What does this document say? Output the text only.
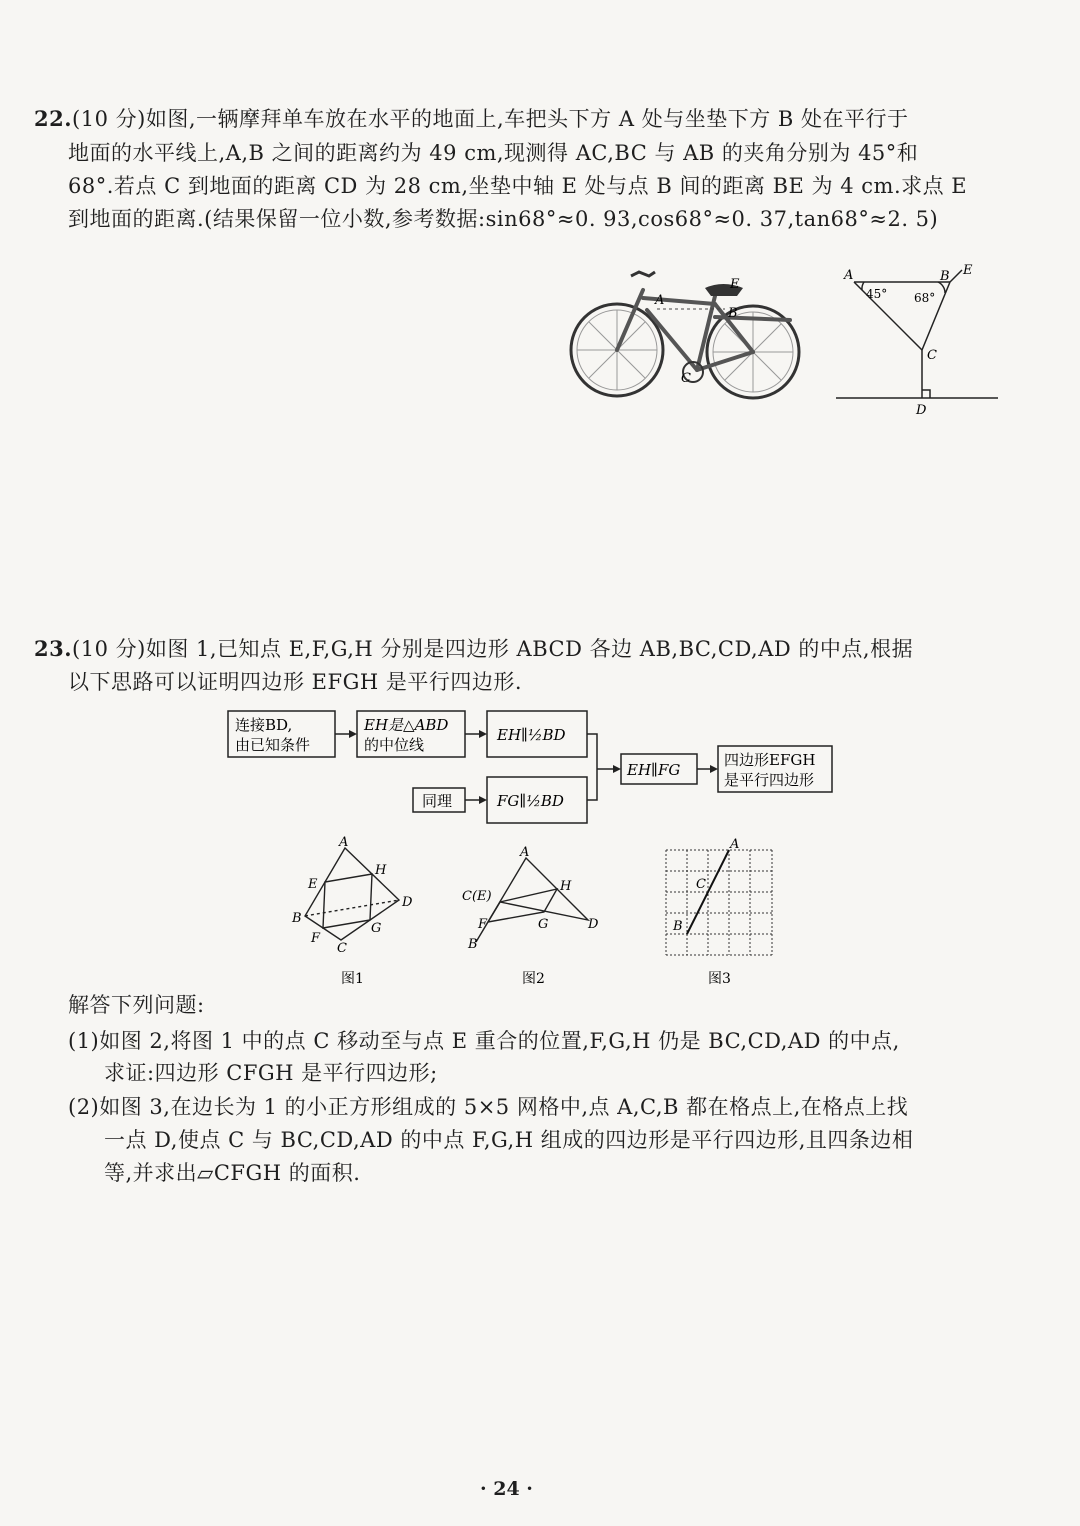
22.(10 分)如图,一辆摩拜单车放在水平的地面上,车把头下方 A 处与坐垫下方 B 处在平行于
地面的水平线上,A,B 之间的距离约为 49 cm,现测得 AC,BC 与 AB 的夹角分别为 45°和
68°.若点 C 到地面的距离 CD 为 28 cm,坐垫中轴 E 处与点 B 间的距离 BE 为 4 cm.求点 E
到地面的距离.(结果保留一位小数,参考数据:sin68°≈0. 93,cos68°≈0. 37,tan68°≈2. 5)
A
B
E
C
A	B E
C
D
45° 68°
23.(10 分)如图 1,已知点 E,F,G,H 分别是四边形 ABCD 各边 AB,BC,CD,AD 的中点,根据
以下思路可以证明四边形 EFGH 是平行四边形.
连接BD,
由已知条件
EH是△ABD
的中位线
EH∥½BD
同理	FG∥½BD
EH∥FG
四边形EFGH
是平行四边形
A
B
C
D
E
F
G
H
图1
A
B
C(E)
D
F	G
H
图2
A
C
B
图3
解答下列问题:
(1)如图 2,将图 1 中的点 C 移动至与点 E 重合的位置,F,G,H 仍是 BC,CD,AD 的中点,
求证:四边形 CFGH 是平行四边形;
(2)如图 3,在边长为 1 的小正方形组成的 5×5 网格中,点 A,C,B 都在格点上,在格点上找
一点 D,使点 C 与 BC,CD,AD 的中点 F,G,H 组成的四边形是平行四边形,且四条边相
等,并求出▱CFGH 的面积.
· 24 ·
